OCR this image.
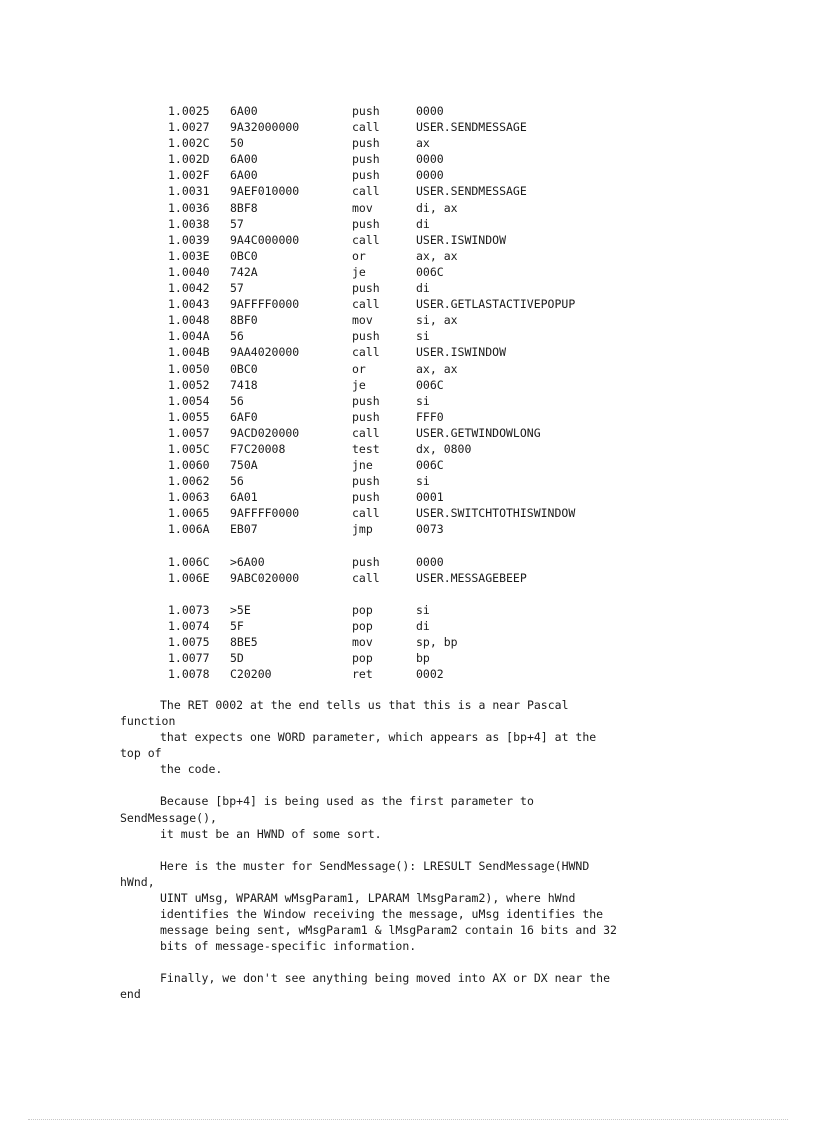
1.0025 6A00	push	0000
1.0027 9A32000000	call	USER.SENDMESSAGE
1.002C 50	push	ax
1.002D 6A00	push	0000
1.002F 6A00	push	0000
1.0031 9AEF010000	call	USER.SENDMESSAGE
1.0036 8BF8	mov	di, ax
1.0038 57	push	di
1.0039 9A4C000000	call	USER.ISWINDOW
1.003E 0BC0	or	ax, ax
1.0040 742A	je	006C
1.0042 57	push	di
1.0043 9AFFFF0000	call	USER.GETLASTACTIVEPOPUP
1.0048 8BF0	mov	si, ax
1.004A 56	push	si
1.004B 9AA4020000	call	USER.ISWINDOW
1.0050 0BC0	or	ax, ax
1.0052 7418	je	006C
1.0054 56	push	si
1.0055 6AF0	push	FFF0
1.0057 9ACD020000	call	USER.GETWINDOWLONG
1.005C F7C20008	test	dx, 0800
1.0060 750A	jne	006C
1.0062 56	push	si
1.0063 6A01	push	0001
1.0065 9AFFFF0000	call	USER.SWITCHTOTHISWINDOW
1.006A EB07	jmp	0073
1.006C >6A00	push	0000
1.006E 9ABC020000	call	USER.MESSAGEBEEP
1.0073 >5E	pop	si
1.0074 5F	pop	di
1.0075 8BE5	mov	sp, bp
1.0077 5D	pop	bp
1.0078 C20200	ret	0002
The RET 0002 at the end tells us that this is a near Pascal
function
that expects one WORD parameter, which appears as [bp+4] at the
top of
the code.
Because [bp+4] is being used as the first parameter to
SendMessage(),
it must be an HWND of some sort.
Here is the muster for SendMessage(): LRESULT SendMessage(HWND
hWnd,
UINT uMsg, WPARAM wMsgParam1, LPARAM lMsgParam2), where hWnd
identifies the Window receiving the message, uMsg identifies the
message being sent, wMsgParam1 & lMsgParam2 contain 16 bits and 32
bits of message-specific information.
Finally, we don't see anything being moved into AX or DX near the
end
